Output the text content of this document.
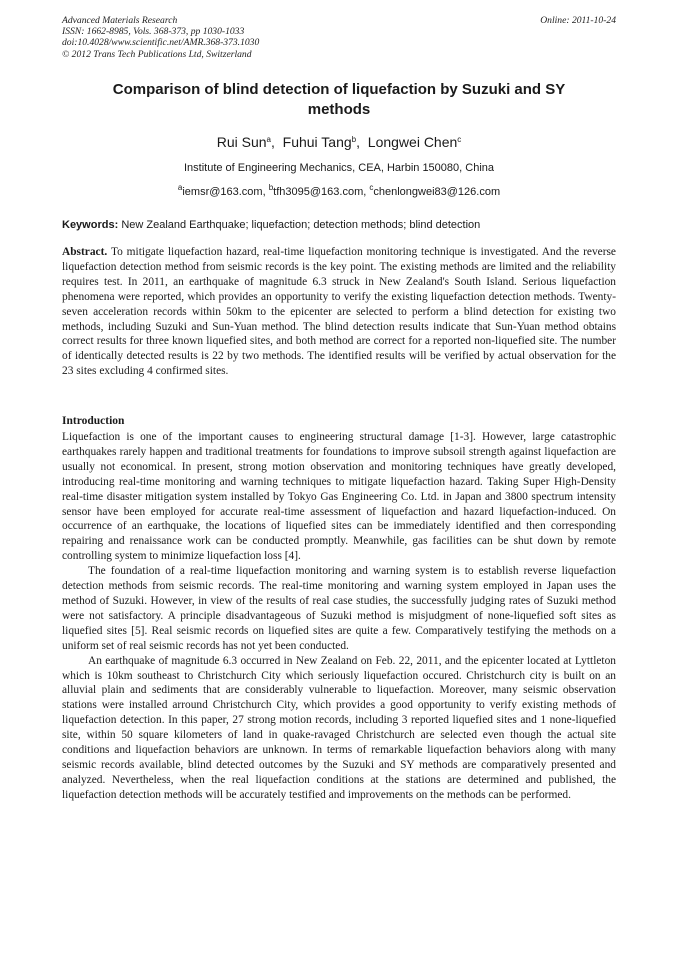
Advanced Materials Research
ISSN: 1662-8985, Vols. 368-373, pp 1030-1033
doi:10.4028/www.scientific.net/AMR.368-373.1030
© 2012 Trans Tech Publications Ltd, Switzerland
Online: 2011-10-24
Comparison of blind detection of liquefaction by Suzuki and SY methods
Rui Sun$^a$,  Fuhui Tang$^b$,  Longwei Chen$^c$
Institute of Engineering Mechanics, CEA, Harbin 150080, China
$^a$iemsr@163.com, $^b$tfh3095@163.com, $^c$chenlongwei83@126.com
Keywords: New Zealand Earthquake; liquefaction; detection methods; blind detection
Abstract. To mitigate liquefaction hazard, real-time liquefaction monitoring technique is investigated. And the reverse liquefaction detection method from seismic records is the key point. The existing methods are limited and the reliability requires test. In 2011, an earthquake of magnitude 6.3 struck in New Zealand's South Island. Serious liquefaction phenomena were reported, which provides an opportunity to verify the existing liquefaction detection methods. Twenty-seven acceleration records within 50km to the epicenter are selected to perform a blind detection for existing two methods, including Suzuki and Sun-Yuan method. The blind detection results indicate that Sun-Yuan method obtains correct results for three known liquefied sites, and both method are correct for a reported non-liquefied site. The number of identically detected results is 22 by two methods. The identified results will be verified by actual observation for the 23 sites excluding 4 confirmed sites.
Introduction

Liquefaction is one of the important causes to engineering structural damage [1-3]. However, large catastrophic earthquakes rarely happen and traditional treatments for foundations to improve subsoil strength against liquefaction are usually not economical. In present, strong motion observation and monitoring techniques have greatly developed, introducing real-time monitoring and warning techniques to mitigate liquefaction hazard. Taking Super High-Density real-time disaster mitigation system installed by Tokyo Gas Engineering Co. Ltd. in Japan and 3800 spectrum intensity sensor have been employed for accurate real-time assessment of liquefaction and hazard liquefaction-induced. On occurrence of an earthquake, the locations of liquefied sites can be immediately identified and then corresponding repairing and renaissance work can be conducted promptly. Meanwhile, gas facilities can be shut down by remote controlling system to minimize liquefaction loss [4].

The foundation of a real-time liquefaction monitoring and warning system is to establish reverse liquefaction detection methods from seismic records. The real-time monitoring and warning system employed in Japan uses the method of Suzuki. However, in view of the results of real case studies, the successfully judging rates of Suzuki method were not satisfactory. A principle disadvantageous of Suzuki method is misjudgment of none-liquefied soft sites as liquefied sites [5]. Real seismic records on liquefied sites are quite a few. Comparatively testifying the methods on a uniform set of real seismic records has not yet been conducted.

An earthquake of magnitude 6.3 occurred in New Zealand on Feb. 22, 2011, and the epicenter located at Lyttleton which is 10km southeast to Christchurch City which seriously liquefaction occured. Christchurch city is built on an alluvial plain and sediments that are considerably vulnerable to liquefaction. Moreover, many seismic observation stations were installed arround Christchurch City, which provides a good opportunity to verify existing methods of liquefaction detection. In this paper, 27 strong motion records, including 3 reported liquefied sites and 1 none-liquefied site, within 50 square kilometers of land in quake-ravaged Christchurch are selected even though the actual site conditions and liquefaction behaviors are unknown. In terms of remarkable liquefaction behaviors along with many seismic records available, blind detected outcomes by the Suzuki and SY methods are comparatively presented and analyzed. Nevertheless, when the real liquefaction conditions at the stations are determined and published, the liquefaction detection methods will be accurately testified and improvements on the methods can be performed.
